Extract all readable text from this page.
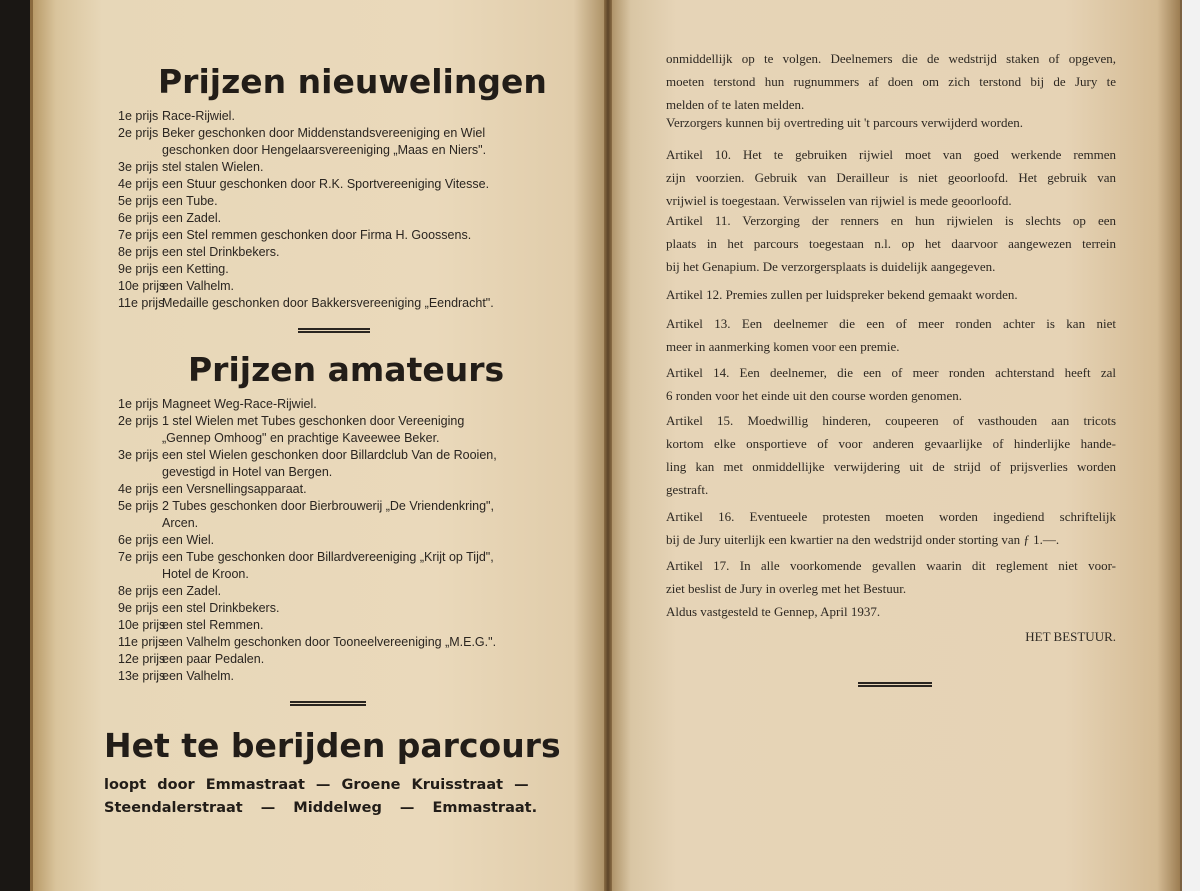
Prijzen nieuwelingen
1e prijs Race-Rijwiel.
2e prijs Beker geschonken door Middenstandsvereeniging en Wiel
geschonken door Hengelaarsvereeniging „Maas en Niers".
3e prijs stel stalen Wielen.
4e prijs een Stuur geschonken door R.K. Sportvereeniging Vitesse.
5e prijs een Tube.
6e prijs een Zadel.
7e prijs een Stel remmen geschonken door Firma H. Goossens.
8e prijs een stel Drinkbekers.
9e prijs een Ketting.
10e prijseen Valhelm.
11e prijsMedaille geschonken door Bakkersvereeniging „Eendracht".
Prijzen amateurs
1e prijs Magneet Weg-Race-Rijwiel.
2e prijs 1 stel Wielen met Tubes geschonken door Vereeniging
„Gennep Omhoog" en prachtige Kaveewee Beker.
3e prijs een stel Wielen geschonken door Billardclub Van de Rooien,
gevestigd in Hotel van Bergen.
4e prijs een Versnellingsapparaat.
5e prijs 2 Tubes geschonken door Bierbrouwerij „De Vriendenkring",
Arcen.
6e prijs een Wiel.
7e prijs een Tube geschonken door Billardvereeniging „Krijt op Tijd",
Hotel de Kroon.
8e prijs een Zadel.
9e prijs een stel Drinkbekers.
10e prijseen stel Remmen.
11e prijseen Valhelm geschonken door Tooneelvereeniging „M.E.G.".
12e prijseen paar Pedalen.
13e prijseen Valhelm.
Het te berijden parcours
loopt door Emmastraat — Groene Kruisstraat —
Steendalerstraat — Middelweg — Emmastraat.
onmiddellijk op te volgen. Deelnemers die de wedstrijd staken of opgeven,
moeten terstond hun rugnummers af doen om zich terstond bij de Jury te
melden of te laten melden.
Verzorgers kunnen bij overtreding uit 't parcours verwijderd worden.
Artikel 10. Het te gebruiken rijwiel moet van goed werkende remmen
zijn voorzien. Gebruik van Derailleur is niet geoorloofd. Het gebruik van
vrijwiel is toegestaan. Verwisselen van rijwiel is mede geoorloofd.
Artikel 11. Verzorging der renners en hun rijwielen is slechts op een
plaats in het parcours toegestaan n.l. op het daarvoor aangewezen terrein
bij het Genapium. De verzorgersplaats is duidelijk aangegeven.
Artikel 12. Premies zullen per luidspreker bekend gemaakt worden.
Artikel 13. Een deelnemer die een of meer ronden achter is kan niet
meer in aanmerking komen voor een premie.
Artikel 14. Een deelnemer, die een of meer ronden achterstand heeft zal
6 ronden voor het einde uit den course worden genomen.
Artikel 15. Moedwillig hinderen, coupeeren of vasthouden aan tricots
kortom elke onsportieve of voor anderen gevaarlijke of hinderlijke hande-
ling kan met onmiddellijke verwijdering uit de strijd of prijsverlies worden
gestraft.
Artikel 16. Eventueele protesten moeten worden ingediend schriftelijk
bij de Jury uiterlijk een kwartier na den wedstrijd onder storting van ƒ 1.—.
Artikel 17. In alle voorkomende gevallen waarin dit reglement niet voor-
ziet beslist de Jury in overleg met het Bestuur.
Aldus vastgesteld te Gennep, April 1937.
HET BESTUUR.
